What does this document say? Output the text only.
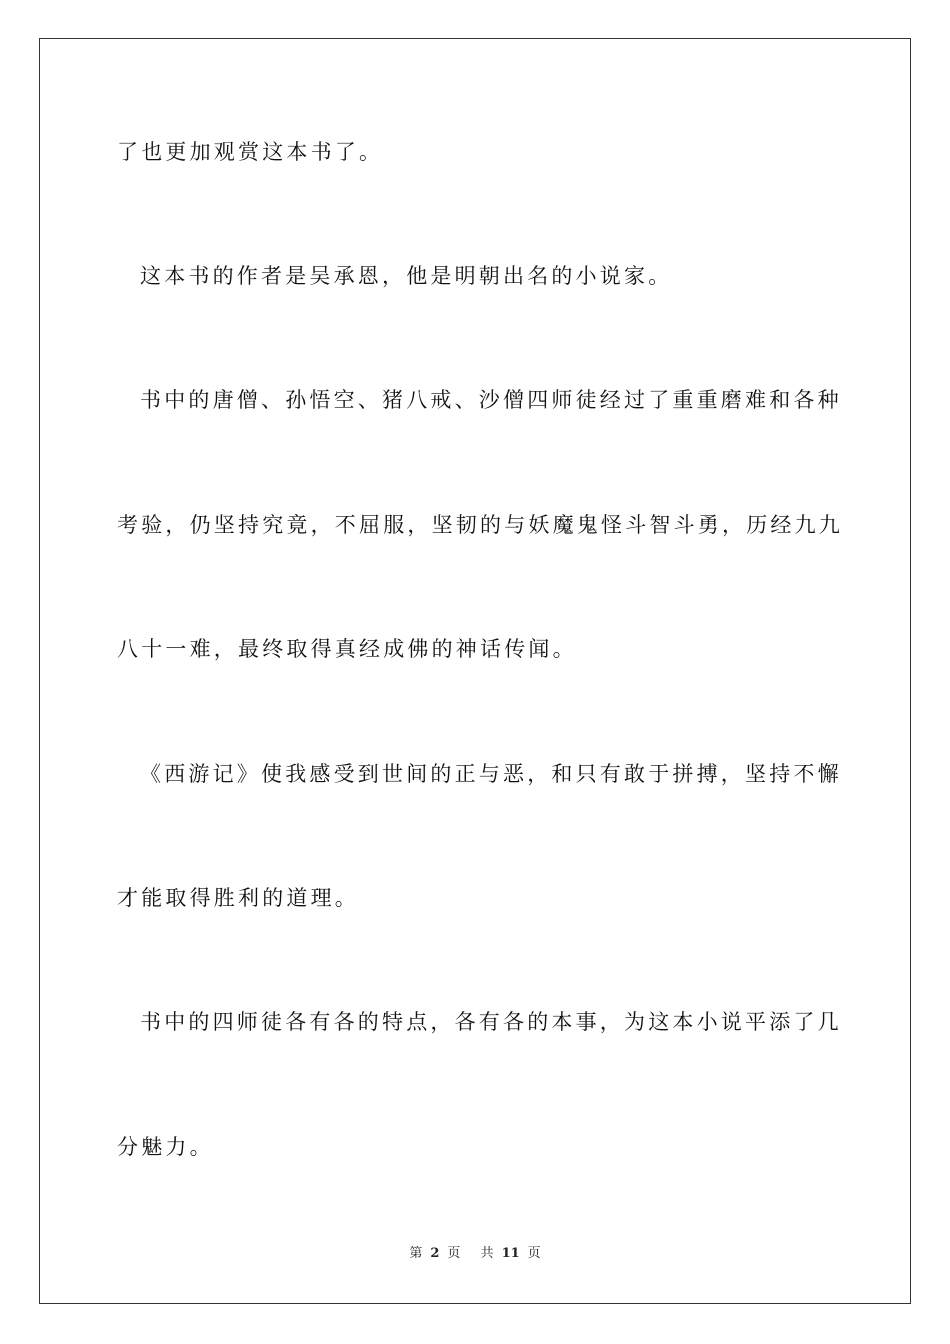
了也更加观赏这本书了。
这本书的作者是吴承恩，他是明朝出名的小说家。
书中的唐僧、孙悟空、猪八戒、沙僧四师徒经过了重重磨难和各种
考验，仍坚持究竟，不屈服，坚韧的与妖魔鬼怪斗智斗勇，历经九九
八十一难，最终取得真经成佛的神话传闻。
《西游记》使我感受到世间的正与恶，和只有敢于拼搏，坚持不懈
才能取得胜利的道理。
书中的四师徒各有各的特点，各有各的本事，为这本小说平添了几
分魅力。
第 2 页 共 11 页
